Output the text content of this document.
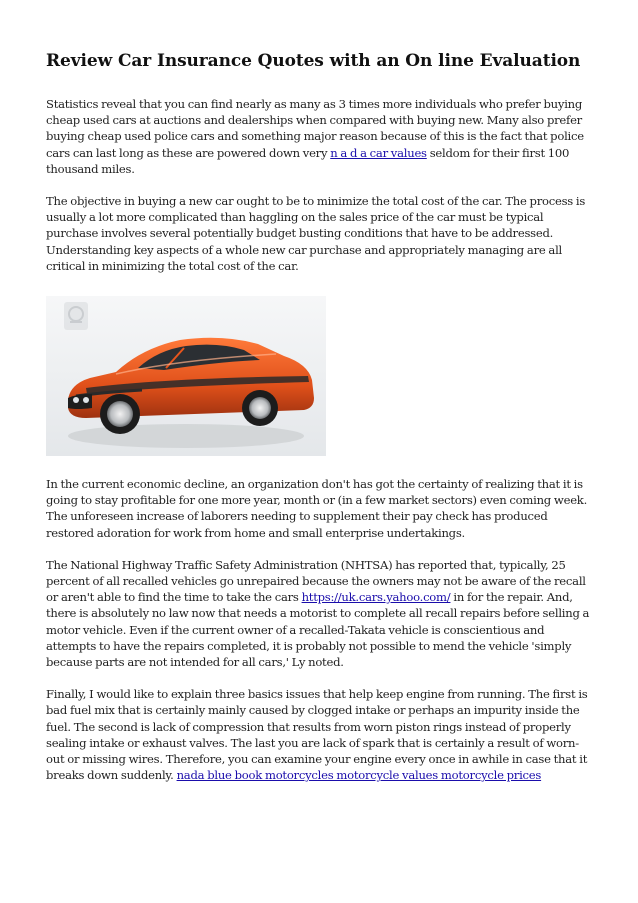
Review Car Insurance Quotes with an On line Evaluation

Statistics reveal that you can find nearly as many as 3 times more individuals who prefer buying cheap used cars at auctions and dealerships when compared with buying new. Many also prefer buying cheap used police cars and something major reason because of this is the fact that police cars can last long as these are powered down very n a d a car values seldom for their first 100 thousand miles.

The objective in buying a new car ought to be to minimize the total cost of the car. The process is usually a lot more complicated than haggling on the sales price of the car must be typical purchase involves several potentially budget busting conditions that have to be addressed. Understanding key aspects of a whole new car purchase and appropriately managing are all critical in minimizing the total cost of the car.

In the current economic decline, an organization don't has got the certainty of realizing that it is going to stay profitable for one more year, month or (in a few market sectors) even coming week. The unforeseen increase of laborers needing to supplement their pay check has produced restored adoration for work from home and small enterprise undertakings.

The National Highway Traffic Safety Administration (NHTSA) has reported that, typically, 25 percent of all recalled vehicles go unrepaired because the owners may not be aware of the recall or aren't able to find the time to take the cars https://uk.cars.yahoo.com/ in for the repair. And, there is absolutely no law now that needs a motorist to complete all recall repairs before selling a motor vehicle. Even if the current owner of a recalled-Takata vehicle is conscientious and attempts to have the repairs completed, it is probably not possible to mend the vehicle 'simply because parts are not intended for all cars,' Ly noted.

Finally, I would like to explain three basics issues that help keep engine from running. The first is bad fuel mix that is certainly mainly caused by clogged intake or perhaps an impurity inside the fuel. The second is lack of compression that results from worn piston rings instead of properly sealing intake or exhaust valves. The last you are lack of spark that is certainly a result of worn-out or missing wires. Therefore, you can examine your engine every once in awhile in case that it breaks down suddenly. nada blue book motorcycles motorcycle values motorcycle prices
